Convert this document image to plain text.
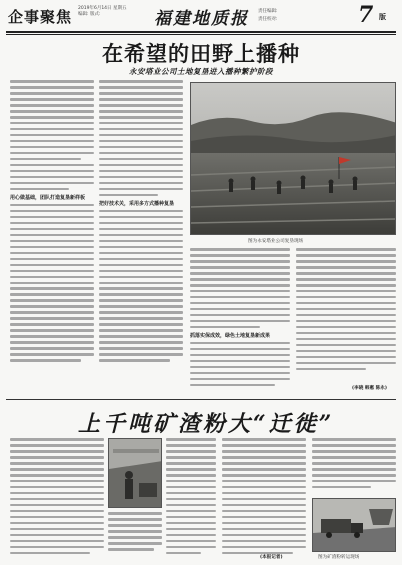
企事聚焦 2019年6月14日 星期五
编辑: 版式:	福建地质报 责任编辑:
责任校对:	7 版
在希望的田野上播种
永安塔业公司土地复垦进入播种繁护阶段
用心做基础，团队打造复垦新样板
把好技术关，采用多方式播种复垦
图为永安塔业公司复垦现场
抓落实保成效，绿色土地复垦新成果
(李晓 韩惠 陈永)
上千吨矿渣粉大“迁徙”
图为矿渣粉转运现场
(本报记者)
